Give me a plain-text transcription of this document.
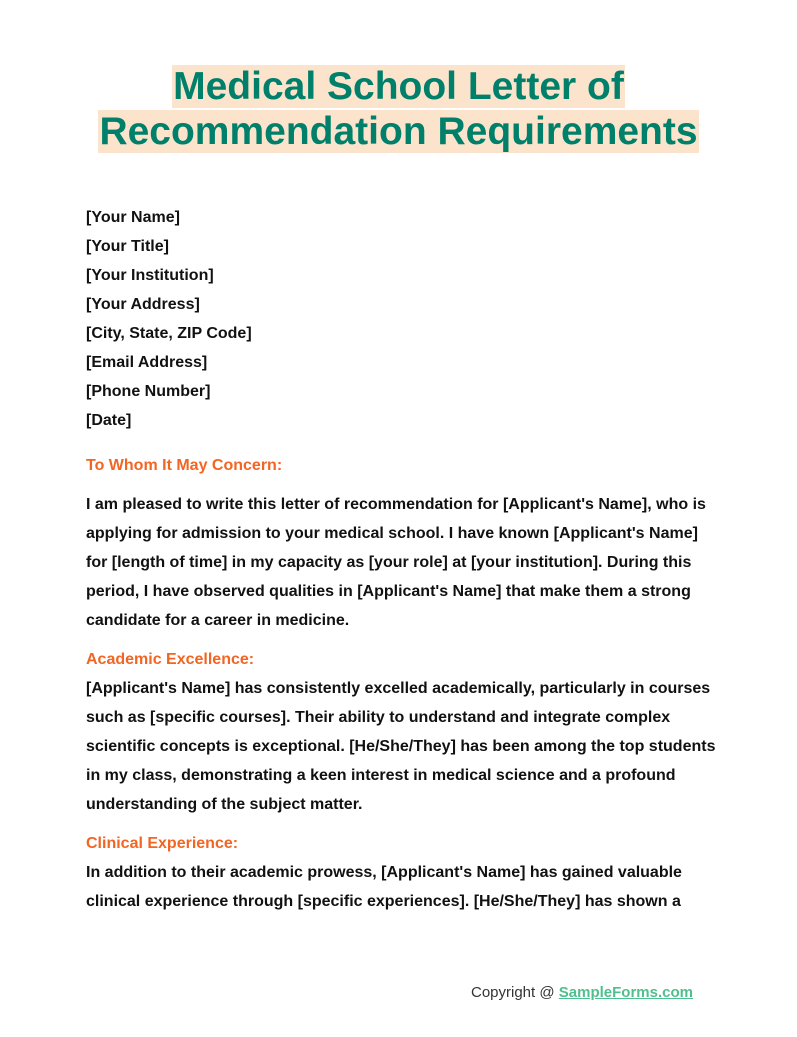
Medical School Letter of
Recommendation Requirements
[Your Name]
[Your Title]
[Your Institution]
[Your Address]
[City, State, ZIP Code]
[Email Address]
[Phone Number]
[Date]
To Whom It May Concern:

I am pleased to write this letter of recommendation for [Applicant's Name], who is applying for admission to your medical school. I have known [Applicant's Name] for [length of time] in my capacity as [your role] at [your institution]. During this period, I have observed qualities in [Applicant's Name] that make them a strong candidate for a career in medicine.

Academic Excellence:

[Applicant's Name] has consistently excelled academically, particularly in courses such as [specific courses]. Their ability to understand and integrate complex scientific concepts is exceptional. [He/She/They] has been among the top students in my class, demonstrating a keen interest in medical science and a profound understanding of the subject matter.

Clinical Experience:

In addition to their academic prowess, [Applicant's Name] has gained valuable clinical experience through [specific experiences]. [He/She/They] has shown a

Copyright @ SampleForms.com
